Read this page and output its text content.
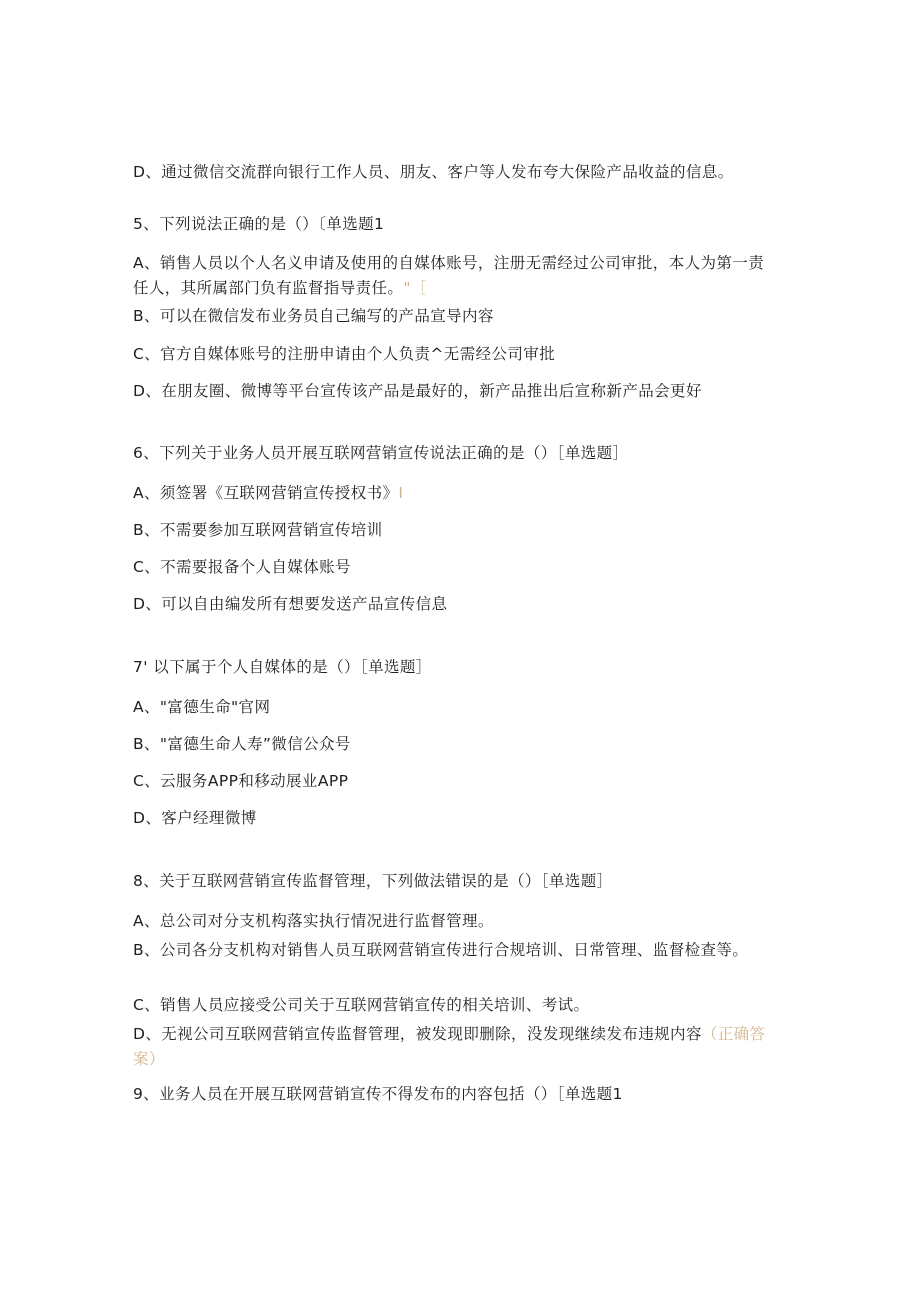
D、通过微信交流群向银行工作人员、朋友、客户等人发布夸大保险产品收益的信息。
5、下列说法正确的是（）〔单选题1
A、销售人员以个人名义申请及使用的自媒体账号，注册无需经过公司审批，本人为第一责任人，其所属部门负有监督指导责任。"［
B、可以在微信发布业务员自己编写的产品宣导内容
C、官方自媒体账号的注册申请由个人负责^无需经公司审批
D、在朋友圈、微博等平台宣传该产品是最好的，新产品推出后宣称新产品会更好
6、下列关于业务人员开展互联网营销宣传说法正确的是（）［单选题］
A、须签署《互联网营销宣传授权书》I
B、不需要参加互联网营销宣传培训
C、不需要报备个人自媒体账号
D、可以自由编发所有想要发送产品宣传信息
7' 以下属于个人自媒体的是（）［单选题］
A、"富德生命"官网
B、"富德生命人寿”微信公众号
C、云服务APP和移动展业APP
D、客户经理微博
8、关于互联网营销宣传监督管理，下列做法错误的是（）［单选题］
A、总公司对分支机构落实执行情况进行监督管理。
B、公司各分支机构对销售人员互联网营销宣传进行合规培训、日常管理、监督检查等。
C、销售人员应接受公司关于互联网营销宣传的相关培训、考试。
D、无视公司互联网营销宣传监督管理，被发现即删除，没发现继续发布违规内容（正确答案）
9、业务人员在开展互联网营销宣传不得发布的内容包括（）［单选题1
